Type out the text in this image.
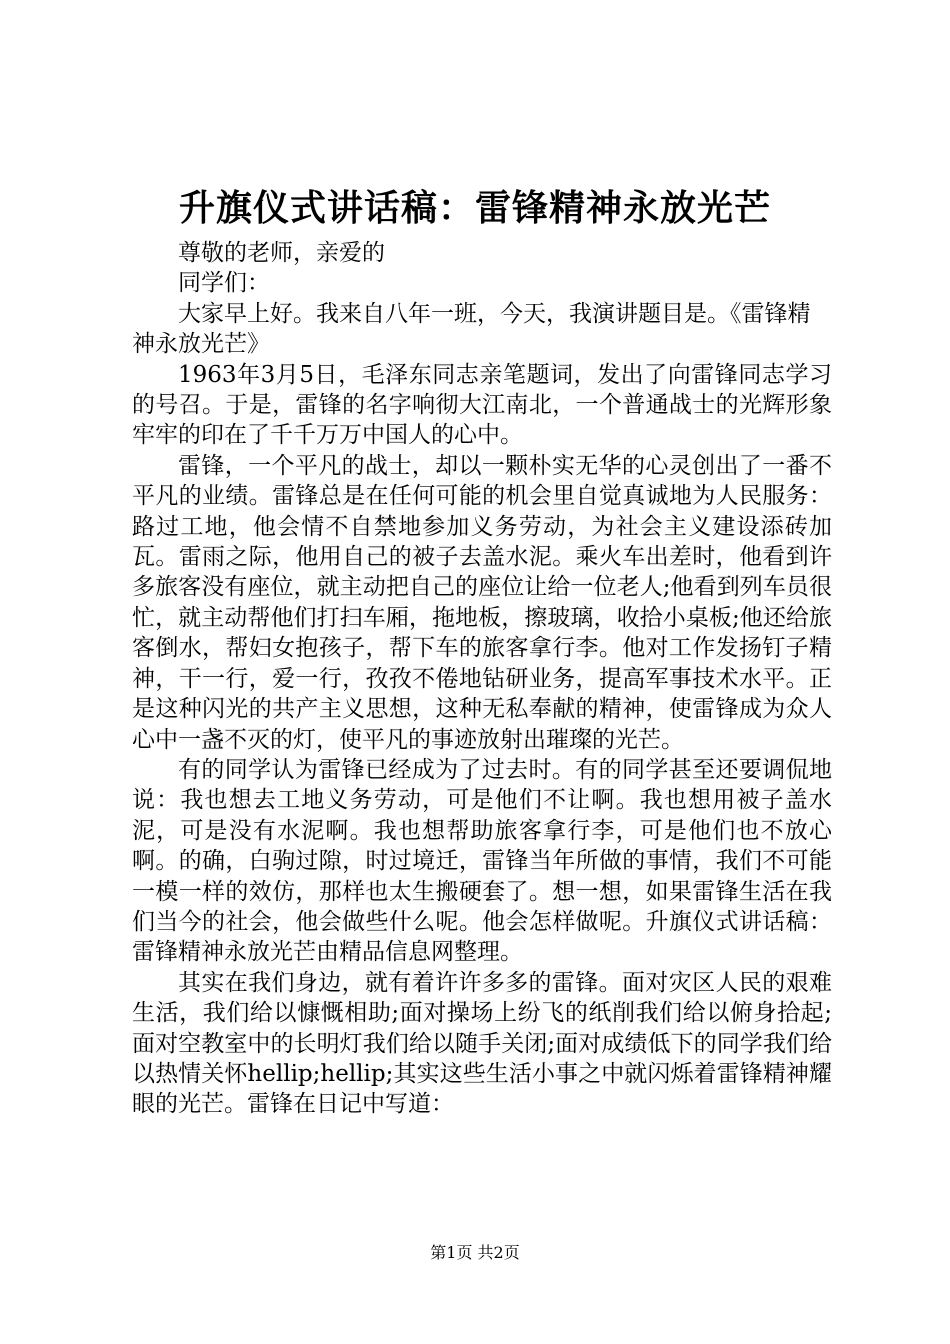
升旗仪式讲话稿：雷锋精神永放光芒

尊敬的老师，亲爱的

同学们：

大家早上好。我来自八年一班，今天，我演讲题目是。《雷锋精神永放光芒》

1963年3月5日，毛泽东同志亲笔题词，发出了向雷锋同志学习的号召。于是，雷锋的名字响彻大江南北，一个普通战士的光辉形象牢牢的印在了千千万万中国人的心中。

雷锋，一个平凡的战士，却以一颗朴实无华的心灵创出了一番不平凡的业绩。雷锋总是在任何可能的机会里自觉真诚地为人民服务：路过工地，他会情不自禁地参加义务劳动，为社会主义建设添砖加瓦。雷雨之际，他用自己的被子去盖水泥。乘火车出差时，他看到许多旅客没有座位，就主动把自己的座位让给一位老人;他看到列车员很忙，就主动帮他们打扫车厢，拖地板，擦玻璃，收拾小桌板;他还给旅客倒水，帮妇女抱孩子，帮下车的旅客拿行李。他对工作发扬钉子精神，干一行，爱一行，孜孜不倦地钻研业务，提高军事技术水平。正是这种闪光的共产主义思想，这种无私奉献的精神，使雷锋成为众人心中一盏不灭的灯，使平凡的事迹放射出璀璨的光芒。

有的同学认为雷锋已经成为了过去时。有的同学甚至还要调侃地说：我也想去工地义务劳动，可是他们不让啊。我也想用被子盖水泥，可是没有水泥啊。我也想帮助旅客拿行李，可是他们也不放心啊。的确，白驹过隙，时过境迁，雷锋当年所做的事情，我们不可能一模一样的效仿，那样也太生搬硬套了。想一想，如果雷锋生活在我们当今的社会，他会做些什么呢。他会怎样做呢。升旗仪式讲话稿：雷锋精神永放光芒由精品信息网整理。

其实在我们身边，就有着许许多多的雷锋。面对灾区人民的艰难生活，我们给以慷慨相助;面对操场上纷飞的纸削我们给以俯身拾起;面对空教室中的长明灯我们给以随手关闭;面对成绩低下的同学我们给以热情关怀hellip;hellip;其实这些生活小事之中就闪烁着雷锋精神耀眼的光芒。雷锋在日记中写道：

第1页 共2页
